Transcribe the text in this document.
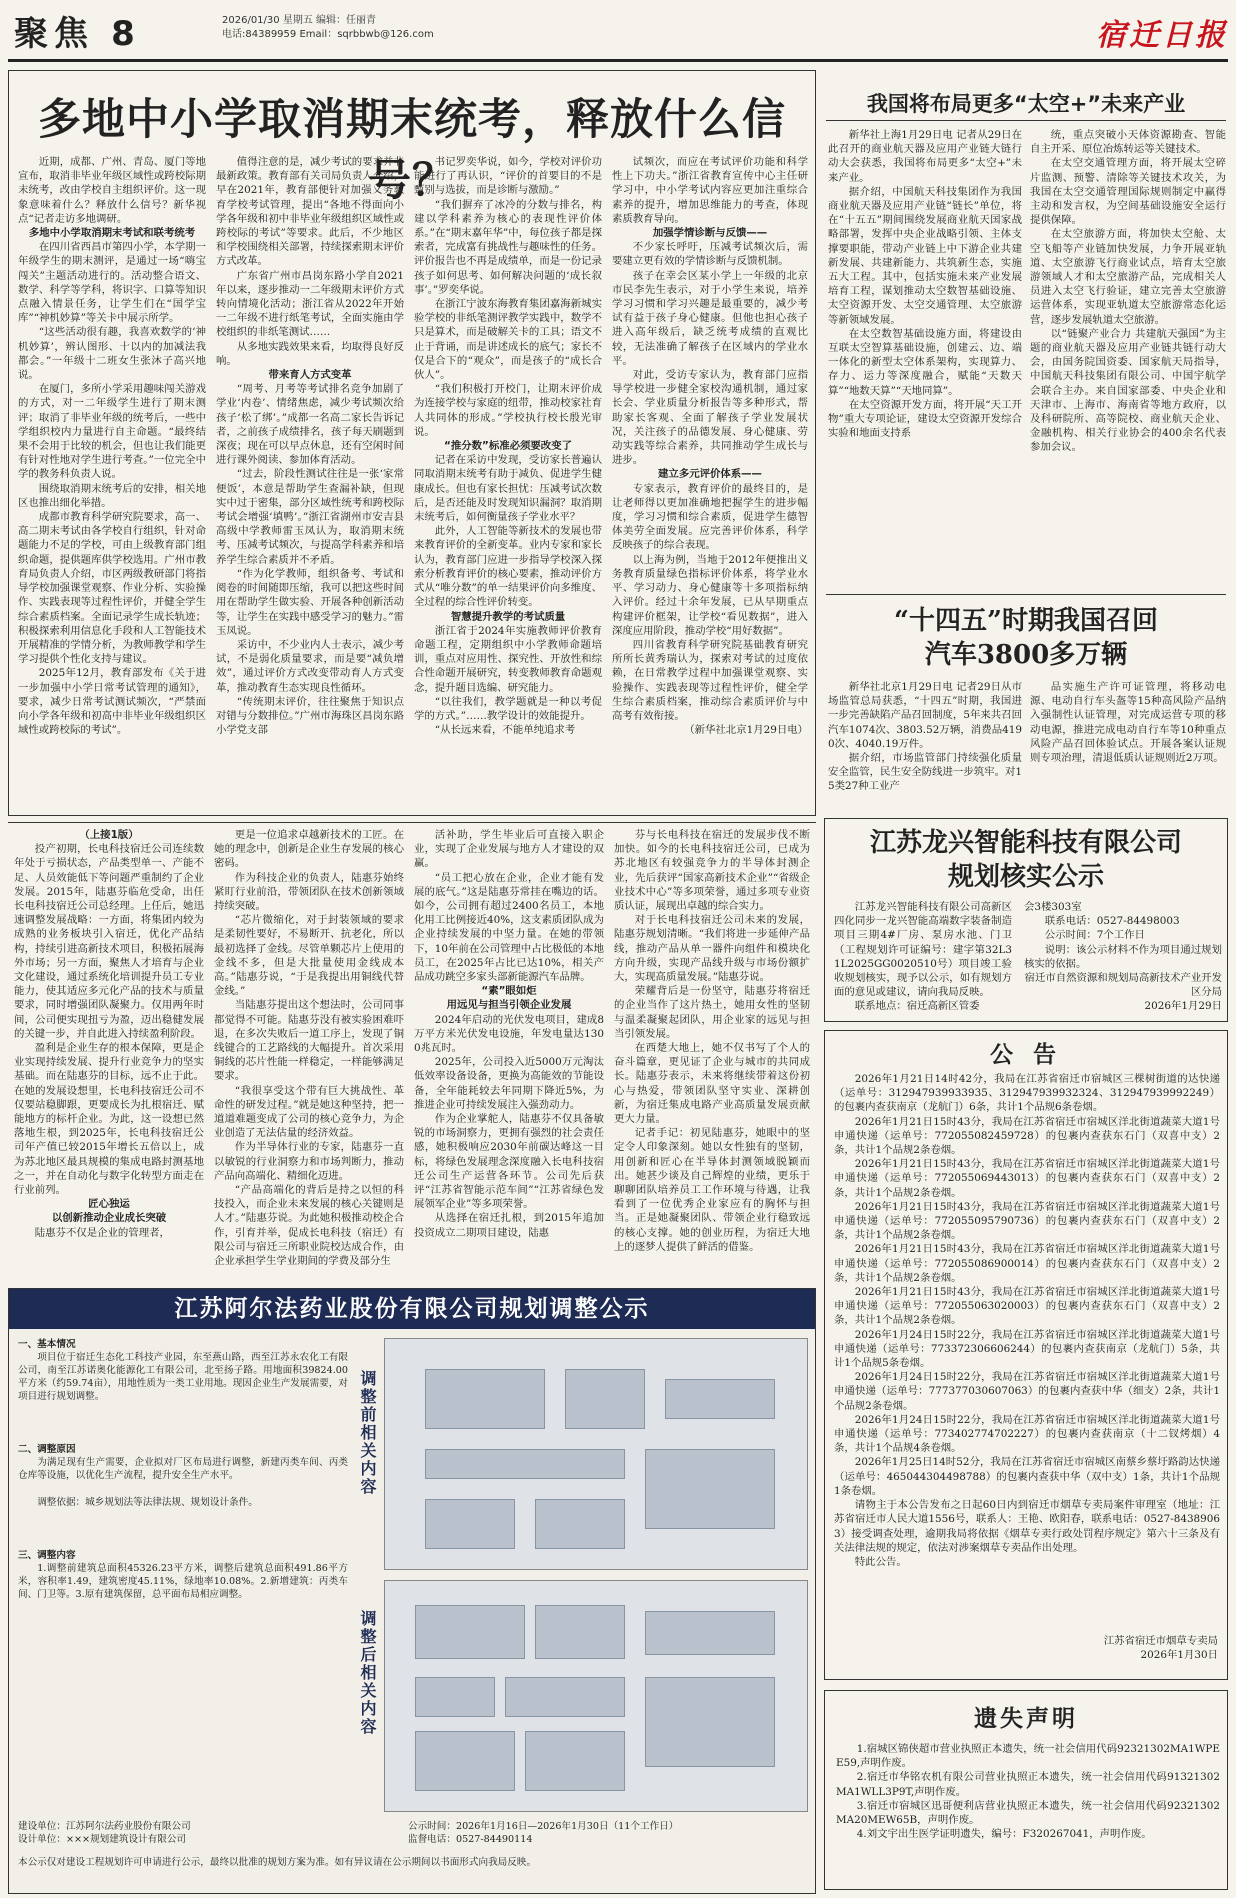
聚焦 8	2026/01/30 星期五 编辑：任丽青
电话:84389959 Email：sqrbbwb@126.com	宿迁日报
多地中小学取消期末统考，释放什么信号？

近期，成都、广州、青岛、厦门等地宣布，取消非毕业年级区域性或跨校际期末统考，改由学校自主组织评价。这一现象意味着什么？释放什么信号？新华视点“记者走访多地调研。

多地中小学取消期末考试和联考统考

在四川省西昌市第四小学，本学期一年级学生的期末测评，是通过一场“嗨宝闯关”主题活动进行的。活动整合语文、数学、科学等学科，将识字、口算等知识点融入情景任务，让学生们在“国学宝库”“神机妙算”等关卡中展示所学。

“这些活动很有趣，我喜欢数学的‘神机妙算’，辨认图形、十以内的加减法我都会。”一年级十二班女生张沐子高兴地说。

在厦门，多所小学采用趣味闯关游戏的方式，对一二年级学生进行了期末测评；取消了非毕业年级的统考后，一些中学组织校内力量进行自主命题。“最终结果不会用于比较的机会，但也让我们能更有针对性地对学生进行考查。”一位完全中学的教务科负责人说。

围绕取消期末统考后的安排，相关地区也推出细化举措。

成都市教育科学研究院要求，高一、高二期末考试由各学校自行组织，针对命题能力不足的学校，可由上级教育部门组织命题，提供题库供学校选用。广州市教育局负责人介绍，市区两级教研部门将指导学校加强课堂观察、作业分析、实验操作、实践表现等过程性评价，并健全学生综合素质档案。全面记录学生成长轨迹；积极探索利用信息化手段和人工智能技术开展精准的学情分析，为教师教学和学生学习提供个性化支持与建议。

2025年12月，教育部发布《关于进一步加强中小学日常考试管理的通知》，要求，减少日常考试测试频次，“严禁面向小学各年级和初高中非毕业年级组织区域性或跨校际的考试”。

值得注意的是，减少考试的要求并非最新政策。教育部有关司局负责人介绍，早在2021年，教育部便针对加强义务教育学校考试管理，提出“各地不得面向小学各年级和初中非毕业年级组织区域性或跨校际的考试”等要求。此后，不少地区和学校围绕相关部署，持续探索期末评价方式改革。

广东省广州市昌岗东路小学自2021年以来，逐步推动一二年级期末评价方式转向情境化活动；浙江省从2022年开始一二年级不进行纸笔考试，全面实施由学校组织的非纸笔测试……

从多地实践效果来看，均取得良好反响。

带来育人方式变革

“周考、月考等考试排名竞争加剧了学业‘内卷’、情绪焦虑，减少考试频次给孩子‘松了绑’。”成都一名高二家长告诉记者，之前孩子成绩排名，孩子每天刷题到深夜；现在可以早点休息，还有空闲时间进行课外阅读、参加体育活动。

“过去，阶段性测试往往是一张‘家常便饭’，本意是帮助学生查漏补缺，但现实中过于密集，部分区域性统考和跨校际考试会增强‘填鸭’。”浙江省湖州市安吉县高级中学教师雷玉凤认为，取消期末统考、压减考试频次，与提高学科素养和培养学生综合素质并不矛盾。

“作为化学教师，组织备考、考试和阅卷的时间随即压缩，我可以把这些时间用在帮助学生做实验、开展各种创新活动等，让学生在实践中感受学习的魅力。”雷玉凤说。

采访中，不少业内人士表示，减少考试，不是弱化质量要求，而是要“减负增效”，通过评价方式改变带动育人方式变革，推动教育生态实现良性循环。

“传统期末评价，往往聚焦于知识点对错与分数排位。”广州市海珠区昌岗东路小学党支部

书记罗奕华说，如今，学校对评价功能进行了再认识，“评价的首要目的不是甄别与选拔，而是诊断与激励。”

“我们摒弃了冰冷的分数与排名，构建以学科素养为核心的表现性评价体系。”在“期末嘉年华”中，每位孩子都是探索者，完成富有挑战性与趣味性的任务。评价报告也不再是成绩单，而是一份记录孩子如何思考、如何解决问题的‘成长叙事’。”罗奕华说。

在浙江宁波东海教育集团嘉海新城实验学校的非纸笔测评教学实践中，数学不只是算术，而是破解关卡的工具；语文不止于背诵，而是讲述成长的底气；家长不仅是合下的“观众”，而是孩子的“成长合伙人”。

“我们积极打开校门，让期末评价成为连接学校与家庭的纽带，推动校家社育人共同体的形成。”学校执行校长殷光审说。

“推分数”标准必须要改变了

记者在采访中发现，受访家长普遍认同取消期末统考有助于减负、促进学生健康成长。但也有家长担忧：压减考试次数后，是否还能及时发现知识漏洞？取消期末统考后，如何衡量孩子学业水平？

此外，人工智能等新技术的发展也带来教育评价的全新变革。业内专家和家长认为，教育部门应进一步指导学校深入探索分析教育评价的核心要素，推动评价方式从“唯分数”的单一结果评价向多维度、全过程的综合性评价转变。

智慧提升教学的考试质量

浙江省于2024年实施教师评价教育命题工程，定期组织中小学教师命题培训，重点对应用性、探究性、开放性和综合性命题开展研究，转变教师教育命题观念，提升题目选编、研究能力。

“以往我们，教学题就是一种以考促学的方式。”……教学设计的效能提升。

“从长远来看，不能单纯追求考

试频次，而应在考试评价功能和科学性上下功夫。”浙江省教育宣传中心主任研学习中，中小学考试内容应更加注重综合素养的提升，增加思维能力的考查，体现素质教育导向。

加强学情诊断与反馈——

不少家长呼吁，压减考试频次后，需要建立更有效的学情诊断与反馈机制。

孩子在幸会区某小学上一年级的北京市民李先生表示，对于小学生来说，培养学习习惯和学习兴趣是最重要的，减少考试有益于孩子身心健康。但他也担心孩子进入高年级后，缺乏统考成绩的直观比较，无法准确了解孩子在区域内的学业水平。

对此，受访专家认为，教育部门应指导学校进一步健全家校沟通机制，通过家长会、学业质量分析报告等多种形式，帮助家长客观、全面了解孩子学业发展状况，关注孩子的品德发展、身心健康、劳动实践等综合素养，共同推动学生成长与进步。

建立多元评价体系——

专家表示，教育评价的最终目的，是让老师得以更加准确地把握学生的进步幅度，学习习惯和综合素质，促进学生德智体美劳全面发展。应完善评价体系，科学反映孩子的综合表现。

以上海为例，当地于2012年便推出义务教育质量绿色指标评价体系，将学业水平、学习动力、身心健康等十多项指标纳入评价。经过十余年发展，已从早期重点构建评价框架，让学校“看见数据”，进入深度应用阶段，推动学校“用好数据”。

四川省教育科学研究院基础教育研究所所长黄秀瑞认为，探索对考试的过度依赖，在日常教学过程中加强课堂观察、实验操作、实践表现等过程性评价，健全学生综合素质档案，推动综合素质评价与中高考有效衔接。

（新华社北京1月29日电）
我国将布局更多“太空+”未来产业

新华社上海1月29日电 记者从29日在此召开的商业航天器及应用产业链大链行动大会获悉，我国将布局更多“太空+”未来产业。

据介绍，中国航天科技集团作为我国商业航天器及应用产业链“链长”单位，将在“十五五”期间围绕发展商业航天国家战略部署，发挥中央企业战略引领、主体支撑要职能，带动产业链上中下游企业共建新发展、共建新能力、共筑新生态，实施五大工程。其中，包括实施未来产业发展培育工程，谋划推动太空数智基础设施、太空资源开发、太空交通管理、太空旅游等新领域发展。

在太空数智基础设施方面，将建设由互联太空智算基础设施，创建云、边、端一体化的新型太空体系架构，实现算力、存力、运力等深度融合，赋能“天数天算”“地数天算”“天地同算”。

在太空资源开发方面，将开展“天工开物”重大专项论证，建设太空资源开发综合实验和地面支持系

统，重点突破小天体资源勘查、智能自主开采、原位冶炼转运等关键技术。

在太空交通管理方面，将开展太空碎片监测、预警、清除等关键技术攻关，为我国在太空交通管理国际规则制定中赢得主动和发言权，为空间基础设施安全运行提供保障。

在太空旅游方面，将加快太空舱、太空飞船等产业链加快发展，力争开展亚轨道、太空旅游飞行商业试点，培育太空旅游领域人才和太空旅游产品，完成相关人员进入太空飞行验证，建立完善太空旅游运营体系，实现亚轨道太空旅游常态化运营，逐步发展轨道太空旅游。

以“链聚产业合力 共建航天强国”为主题的商业航天器及应用产业链共链行动大会，由国务院国资委、国家航天局指导，中国航天科技集团有限公司、中国宇航学会联合主办。来自国家部委、中央企业和天津市、上海市、海南省等地方政府，以及科研院所、高等院校、商业航天企业、金融机构、相关行业协会的400余名代表参加会议。

“十四五”时期我国召回
汽车3800多万辆

新华社北京1月29日电 记者29日从市场监管总局获悉，“十四五”时期，我国进一步完善缺陷产品召回制度，5年来共召回汽车1074次、3803.52万辆，消费品4190次、4040.19万件。

据介绍，市场监管部门持续强化质量安全监管，民生安全防线进一步筑牢。对15类27种工业产

品实施生产许可证管理，将移动电源、电动自行车头盔等15种高风险产品纳入强制性认证管理，对完成运营专项的移动电源，推进完成电动自行车等10种重点风险产品召回体验试点。开展各案认证规则专项治理，清退低质认证规则近2万项。

江苏龙兴智能科技有限公司
规划核实公示

江苏龙兴智能科技有限公司高新区四化同步一龙兴智能高端数字装备制造项目三期4#厂房、泵房水池、门卫（工程规划许可证编号：建字第32L31L2025GG0020510号）项目竣工验收规划核实，现予以公示，如有规划方面的意见或建议，请向我局反映。

联系地点：宿迁高新区管委

会3楼303室
联系电话：0527-84498003
公示时间：7个工作日

说明：该公示材料不作为项目通过规划核实的依据。

宿迁市自然资源和规划局高新技术产业开发区分局
2026年1月29日
公 告

2026年1月21日14时42分，我局在江苏省宿迁市宿城区三棵树街道的达快递（运单号：312947939933935、312947939932324、312947939992249）的包裹内查获南京（龙航门）6条，共计1个品规6条卷烟。

2026年1月21日15时43分，我局在江苏省宿迁市宿城区洋北街道蔬菜大道1号申通快递（运单号：772055082459728）的包裹内查获东石门（双喜中支）2条，共计1个品规2条卷烟。

2026年1月21日15时43分，我局在江苏省宿迁市宿城区洋北街道蔬菜大道1号申通快递（运单号：772055069443013）的包裹内查获东石门（双喜中支）2条，共计1个品规2条卷烟。

2026年1月21日15时43分，我局在江苏省宿迁市宿城区洋北街道蔬菜大道1号申通快递（运单号：772055095790736）的包裹内查获东石门（双喜中支）2条，共计1个品规2条卷烟。

2026年1月21日15时43分，我局在江苏省宿迁市宿城区洋北街道蔬菜大道1号申通快递（运单号：772055086900014）的包裹内查获东石门（双喜中支）2条，共计1个品规2条卷烟。

2026年1月21日15时43分，我局在江苏省宿迁市宿城区洋北街道蔬菜大道1号申通快递（运单号：772055063020003）的包裹内查获东石门（双喜中支）2条，共计1个品规2条卷烟。

2026年1月24日15时22分，我局在江苏省宿迁市宿城区洋北街道蔬菜大道1号申通快递（运单号：773372306606244）的包裹内查获南京（龙航门）5条，共计1个品规5条卷烟。

2026年1月24日15时22分，我局在江苏省宿迁市宿城区洋北街道蔬菜大道1号申通快递（运单号：777377030607063）的包裹内查获中华（细支）2条，共计1个品规2条卷烟。

2026年1月24日15时22分，我局在江苏省宿迁市宿城区洋北街道蔬菜大道1号申通快递（运单号：773402774702227）的包裹内查获南京（十二钗烤烟）4条，共计1个品规4条卷烟。

2026年1月25日14时52分，我局在江苏省宿迁市宿城区南蔡乡蔡圩路韵达快递（运单号：465044304498788）的包裹内查获中华（双中支）1条，共计1个品规1条卷烟。

请物主于本公告发布之日起60日内到宿迁市烟草专卖局案件审理室（地址：江苏省宿迁市人民大道1556号，联系人：王艳、欧阳春，联系电话：0527-84389063）接受调查处理，逾期我局将依据《烟草专卖行政处罚程序规定》第六十三条及有关法律法规的规定，依法对涉案烟草专卖品作出处理。

特此公告。

江苏省宿迁市烟草专卖局
2026年1月30日
遗失声明

1.宿城区锦侠超市营业执照正本遗失，统一社会信用代码92321302MA1WPEE59,声明作废。

2.宿迁市华铭农机有限公司营业执照正本遗失，统一社会信用代码91321302MA1WLL3P9T,声明作废。

3.宿迁市宿城区迅哥便利店营业执照正本遗失，统一社会信用代码92321302MA20MEW65B，声明作废。

4.刘文宇出生医学证明遗失，编号：F320267041，声明作废。

（上接1版）

投产初期，长电科技宿迁公司连续数年处于亏损状态，产品类型单一、产能不足、人员效能低下等问题严重制约了企业发展。2015年，陆惠芬临危受命，出任长电科技宿迁公司总经理。上任后，她迅速调整发展战略：一方面，将集团内较为成熟的业务板块引入宿迁，优化产品结构，持续引进高新技术项目，积极拓展海外市场；另一方面，聚焦人才培育与企业文化建设，通过系统化培训提升员工专业能力，使其适应多元化产品的技术与质量要求，同时增强团队凝聚力。仅用两年时间，公司便实现扭亏为盈，迈出稳健发展的关键一步，并自此进入持续盈利阶段。

盈利是企业生存的根本保障，更是企业实现持续发展、提升行业竞争力的坚实基础。而在陆惠芬的目标，远不止于此。在她的发展设想里，长电科技宿迁公司不仅要站稳脚跟，更要成长为扎根宿迁、赋能地方的标杆企业。为此，这一设想已然落地生根，到2025年，长电科技宿迁公司年产值已较2015年增长五倍以上，成为苏北地区最具规模的集成电路封测基地之一，并在自动化与数字化转型方面走在行业前列。

匠心独运
以创新推动企业成长突破

陆惠芬不仅是企业的管理者，

更是一位追求卓越新技术的工匠。在她的理念中，创新是企业生存发展的核心密码。

作为科技企业的负责人，陆惠芬始终紧盯行业前沿，带领团队在技术创新领域持续突破。

“芯片微缩化，对于封装领域的要求是柔韧性要好，不易断开、抗老化，所以最初选择了金线。尽管单颗芯片上使用的金线不多，但是大批量使用金线成本高。”陆惠芬说，“于是我提出用铜线代替金线。”

当陆惠芬提出这个想法时，公司同事都觉得不可能。陆惠芬没有被实验困难吓退，在多次失败后一道工序上，发现了铜线键合的工艺路线的大幅提升。首次采用铜线的芯片性能一样稳定，一样能够满足要求。

“我很享受这个带有巨大挑战性、革命性的研发过程。”就是她这种坚持，把一道道难题变成了公司的核心竞争力，为企业创造了无法估量的经济效益。

作为半导体行业的专家，陆惠芬一直以敏锐的行业洞察力和市场判断力，推动产品向高端化、精细化迈进。

“产品高端化的背后是持之以恒的科技投入，而企业未来发展的核心关键则是人才。”陆惠芬说。为此她积极推动校企合作，引育并举，促成长电科技（宿迁）有限公司与宿迁三所职业院校达成合作，由企业承担学生学业期间的学费及部分生

活补助，学生毕业后可直接入职企业，实现了企业发展与地方人才建设的双赢。

“员工把心放在企业，企业才能有发展的底气。”这是陆惠芬常挂在嘴边的话。如今，公司拥有超过2400名员工，本地化用工比例接近40%，这支素质团队成为企业持续发展的中坚力量。在她的带领下，10年前在公司管理中占比极低的本地员工，在2025年占比已达10%，相关产品成功跳空多家头部新能源汽车品牌。

“素”眼如炬
用远见与担当引领企业发展

2024年启动的光伏发电项目，建成8万平方米光伏发电设施，年发电量达1300兆瓦时。

2025年，公司投入近5000万元淘汰低效率设备设备，更换为高能效的节能设备，全年能耗较去年同期下降近5%，为推进企业可持续发展注入强劲动力。

作为企业掌舵人，陆惠芬不仅具备敏锐的市场洞察力，更拥有强烈的社会责任感，她积极响应2030年前碳达峰这一目标，将绿色发展理念深度融入长电科技宿迁公司生产运营各环节。公司先后获评“江苏省智能示范车间”“江苏省绿色发展领军企业”等多项荣誉。

从选择在宿迁扎根，到2015年追加投资成立二期项目建设，陆惠

芬与长电科技在宿迁的发展步伐不断加快。如今的长电科技宿迁公司，已成为苏北地区有较强竞争力的半导体封测企业，先后获评“国家高新技术企业”“省级企业技术中心”等多项荣誉，通过多项专业资质认证，展现出卓越的综合实力。

对于长电科技宿迁公司未来的发展，陆惠芬规划清晰。“我们将进一步延伸产品线，推动产品从单一器件向组件和模块化方向升级，实现产品线升级与市场份额扩大，实现高质量发展。”陆惠芬说。

荣耀背后是一份坚守，陆惠芬将宿迁的企业当作了这片热土，她用女性的坚韧与温柔凝聚起团队，用企业家的远见与担当引领发展。

在西楚大地上，她不仅书写了个人的奋斗篇章，更见证了企业与城市的共同成长。陆惠芬表示，未来将继续带着这份初心与热爱，带领团队坚守实业、深耕创新，为宿迁集成电路产业高质量发展贡献更大力量。

记者手记：初见陆惠芬，她眼中的坚定令人印象深刻。她以女性独有的坚韧，用创新和匠心在半导体封测领域脱颖而出。她甚少谈及自己辉煌的业绩，更乐于聊聊团队培养员工工作环境与待遇，让我看到了一位优秀企业家应有的胸怀与担当。正是她凝聚团队、带领企业行稳致远的核心支撑。她的创业历程，为宿迁大地上的逐梦人提供了鲜活的借鉴。

江苏阿尔法药业股份有限公司规划调整公示
一、基本情况

项目位于宿迁生态化工科技产业园，东至燕山路，西至江苏永农化工有限公司，南至江苏诺奥化能源化工有限公司，北至扬子路。用地面积39824.00平方米（约59.74亩），用地性质为一类工业用地。现因企业生产发展需要，对项目进行规划调整。

二、调整原因

为满足现有生产需要，企业拟对厂区布局进行调整，新建丙类车间、丙类仓库等设施，以优化生产流程，提升安全生产水平。

调整依据：城乡规划法等法律法规、规划设计条件。

三、调整内容

1.调整前建筑总面积45326.23平方米，调整后建筑总面积491.86平方米，容积率1.49，建筑密度45.11%，绿地率10.08%。2.新增建筑：丙类车间、门卫等。3.原有建筑保留，总平面布局相应调整。

调整前相关内容
调整后相关内容
建设单位：江苏阿尔法药业股份有限公司
设计单位：×××规划建筑设计有限公司
公示时间：2026年1月16日—2026年1月30日（11个工作日）
监督电话：0527-84490114
本公示仅对建设工程规划许可申请进行公示，最终以批准的规划方案为准。如有异议请在公示期间以书面形式向我局反映。
